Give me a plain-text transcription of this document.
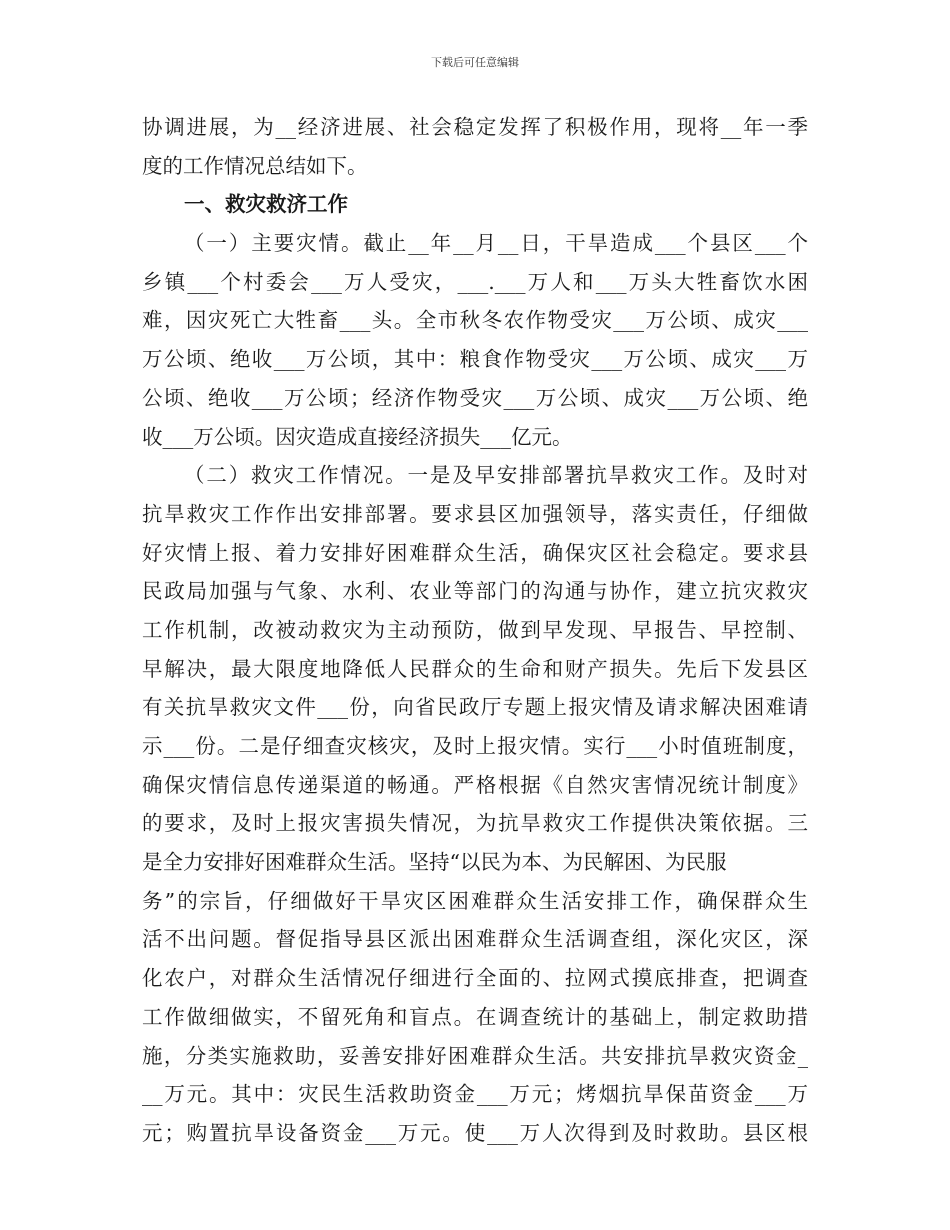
下载后可任意编辑
协调进展，为__经济进展、社会稳定发挥了积极作用，现将__年一季
度的工作情况总结如下。
一、救灾救济工作
（一）主要灾情。截止__年__月__日，干旱造成___个县区___个
乡镇___个村委会___万人受灾，___.___万人和___万头大牲畜饮水困
难，因灾死亡大牲畜___头。全市秋冬农作物受灾___万公顷、成灾___
万公顷、绝收___万公顷，其中：粮食作物受灾___万公顷、成灾___万
公顷、绝收___万公顷；经济作物受灾___万公顷、成灾___万公顷、绝
收___万公顷。因灾造成直接经济损失___亿元。
（二）救灾工作情况。一是及早安排部署抗旱救灾工作。及时对
抗旱救灾工作作出安排部署。要求县区加强领导，落实责任，仔细做
好灾情上报、着力安排好困难群众生活，确保灾区社会稳定。要求县
民政局加强与气象、水利、农业等部门的沟通与协作，建立抗灾救灾
工作机制，改被动救灾为主动预防，做到早发现、早报告、早控制、
早解决，最大限度地降低人民群众的生命和财产损失。先后下发县区
有关抗旱救灾文件___份，向省民政厅专题上报灾情及请求解决困难请
示___份。二是仔细查灾核灾，及时上报灾情。实行___小时值班制度，
确保灾情信息传递渠道的畅通。严格根据《自然灾害情况统计制度》
的要求，及时上报灾害损失情况，为抗旱救灾工作提供决策依据。三
是全力安排好困难群众生活。坚持“以民为本、为民解困、为民服
务”的宗旨，仔细做好干旱灾区困难群众生活安排工作，确保群众生
活不出问题。督促指导县区派出困难群众生活调查组，深化灾区，深
化农户，对群众生活情况仔细进行全面的、拉网式摸底排查，把调查
工作做细做实，不留死角和盲点。在调查统计的基础上，制定救助措
施，分类实施救助，妥善安排好困难群众生活。共安排抗旱救灾资金_
__万元。其中：灾民生活救助资金___万元；烤烟抗旱保苗资金___万
元；购置抗旱设备资金___万元。使___万人次得到及时救助。县区根
